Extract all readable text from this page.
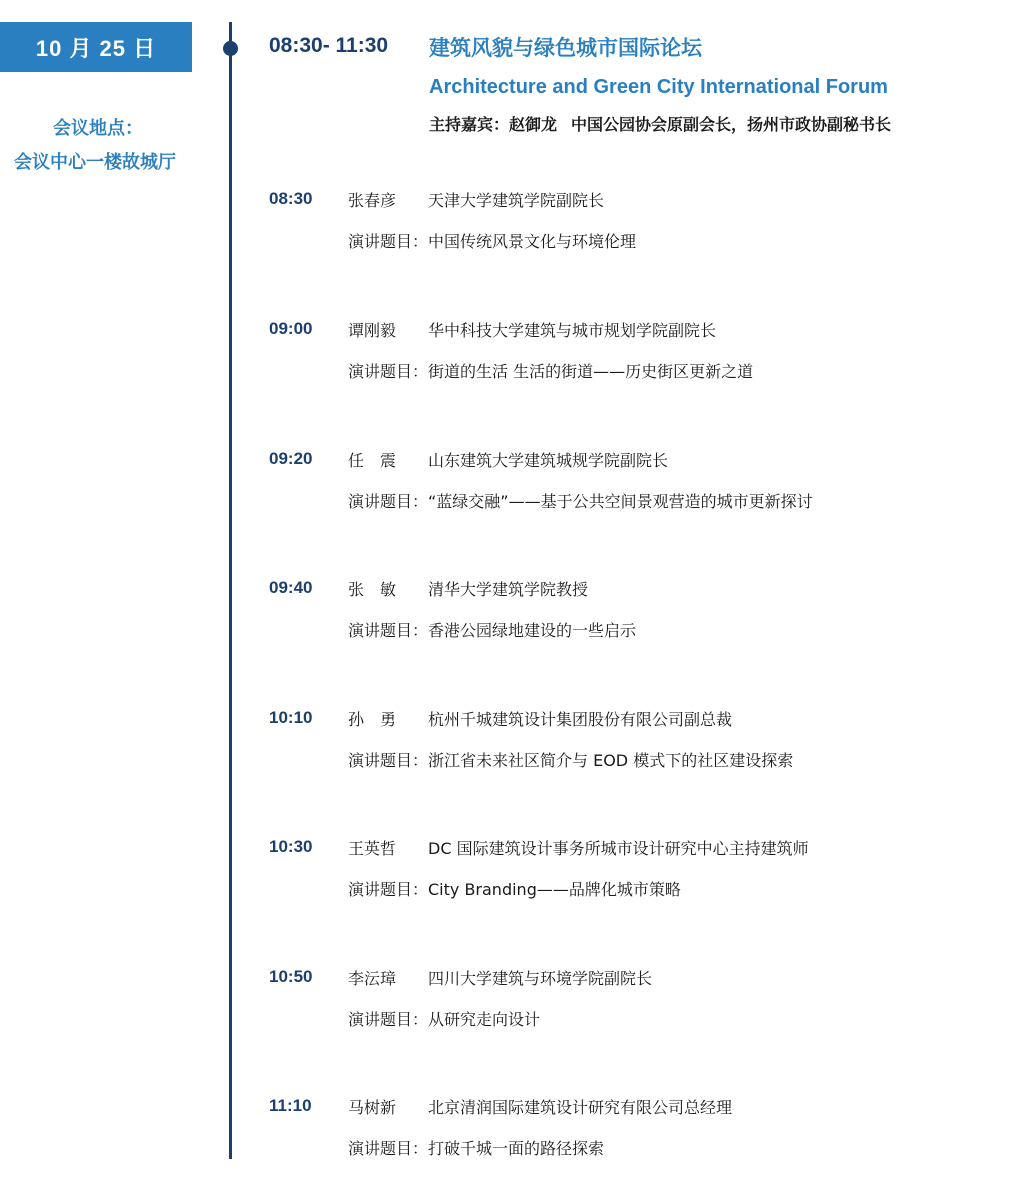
10 月 25 日
会议地点：
会议中心一楼故城厅
08:30- 11:30 建筑风貌与绿色城市国际论坛
Architecture and Green City International Forum
主持嘉宾：赵御龙 中国公园协会原副会长，扬州市政协副秘书长
08:30 张春彦 天津大学建筑学院副院长
演讲题目：中国传统风景文化与环境伦理
09:00 谭刚毅 华中科技大学建筑与城市规划学院副院长
演讲题目：街道的生活 生活的街道——历史街区更新之道
09:20 任　震 山东建筑大学建筑城规学院副院长
演讲题目：“蓝绿交融”——基于公共空间景观营造的城市更新探讨
09:40 张　敏 清华大学建筑学院教授
演讲题目：香港公园绿地建设的一些启示
10:10 孙　勇 杭州千城建筑设计集团股份有限公司副总裁
演讲题目：浙江省未来社区简介与 EOD 模式下的社区建设探索
10:30 王英哲 DC 国际建筑设计事务所城市设计研究中心主持建筑师
演讲题目：City Branding——品牌化城市策略
10:50 李沄璋 四川大学建筑与环境学院副院长
演讲题目：从研究走向设计
11:10 马树新 北京清润国际建筑设计研究有限公司总经理
演讲题目：打破千城一面的路径探索
